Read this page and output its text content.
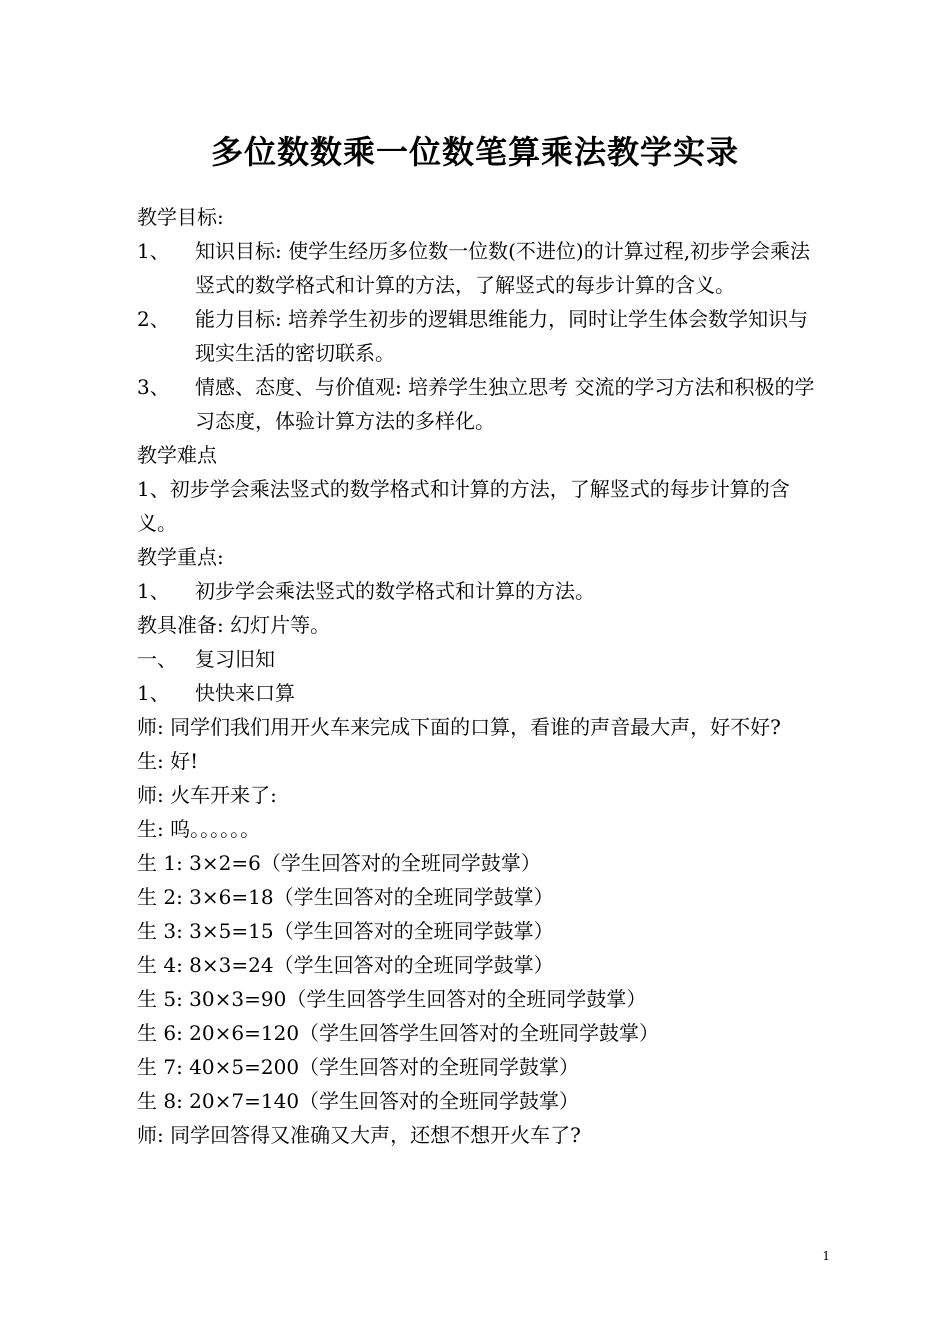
多位数数乘一位数笔算乘法教学实录

教学目标:

1、	知识目标: 使学生经历多位数一位数(不进位)的计算过程,初步学会乘法竖式的数学格式和计算的方法，了解竖式的每步计算的含义。
2、	能力目标: 培养学生初步的逻辑思维能力，同时让学生体会数学知识与现实生活的密切联系。
3、	情感、态度、与价值观: 培养学生独立思考 交流的学习方法和积极的学习态度，体验计算方法的多样化。

教学难点

1、初步学会乘法竖式的数学格式和计算的方法，了解竖式的每步计算的含义。

教学重点:

1、	初步学会乘法竖式的数学格式和计算的方法。

教具准备: 幻灯片等。

一、 复习旧知
1、	快快来口算

师: 同学们我们用开火车来完成下面的口算，看谁的声音最大声，好不好?

生: 好!

师: 火车开来了:

生: 呜。。。。。。

生 1: 3×2=6（学生回答对的全班同学鼓掌）

生 2: 3×6=18（学生回答对的全班同学鼓掌）

生 3: 3×5=15（学生回答对的全班同学鼓掌）

生 4: 8×3=24（学生回答对的全班同学鼓掌）

生 5: 30×3=90（学生回答学生回答对的全班同学鼓掌）

生 6: 20×6=120（学生回答学生回答对的全班同学鼓掌）

生 7: 40×5=200（学生回答对的全班同学鼓掌）

生 8: 20×7=140（学生回答对的全班同学鼓掌）

师: 同学回答得又准确又大声，还想不想开火车了?

1
